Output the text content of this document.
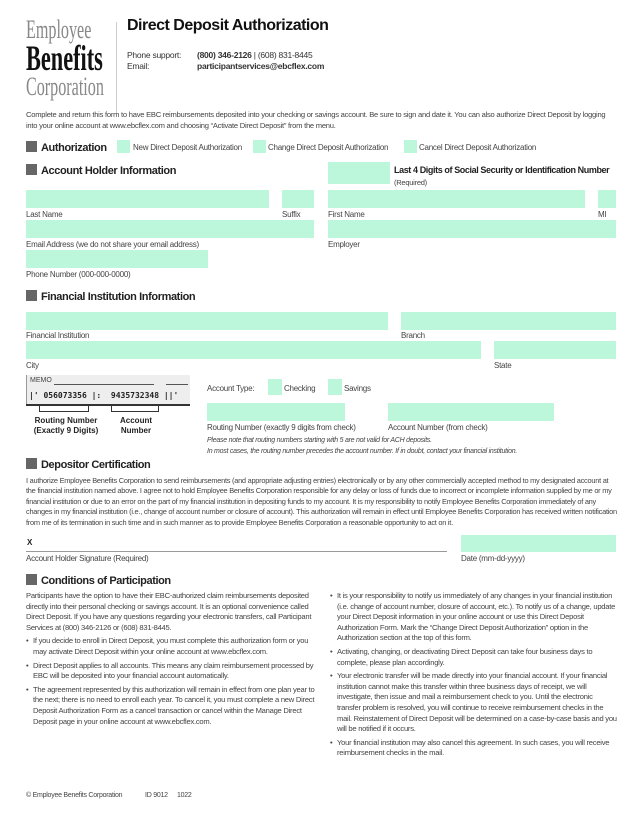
Employee
Benefits
Corporation
Direct Deposit Authorization
Phone support: (800) 346-2126 | (608) 831-8445
Email:	participantservices@ebcflex.com
Complete and return this form to have EBC reimbursements deposited into your checking or savings account. Be sure to sign and date it. You can also authorize Direct Deposit by logging into your online account at www.ebcflex.com and choosing “Activate Direct Deposit” from the menu.
Authorization	New Direct Deposit Authorization	Change Direct Deposit Authorization	Cancel Direct Deposit Authorization
Account Holder Information	Last 4 Digits of Social Security or Identification Number
(Required)
Last Name	Suffix	First Name	MI
Email Address (we do not share your email address)	Employer
Phone Number (000-000-0000)
Financial Institution Information
Financial Institution	Branch
City	State
MEMO
|' 056073356 |:  9435732348 ||'
Routing Number (Exactly 9 Digits)
Account Number
Account Type:	Checking	Savings
Routing Number (exactly 9 digits from check)	Account Number (from check)
Please note that routing numbers starting with 5 are not valid for ACH deposits.
In most cases, the routing number precedes the account number. If in doubt, contact your financial institution.
Depositor Certification
I authorize Employee Benefits Corporation to send reimbursements (and appropriate adjusting entries) electronically or by any other commercially accepted method to my designated account at the financial institution named above. I agree not to hold Employee Benefits Corporation responsible for any delay or loss of funds due to incorrect or incomplete information supplied by me or my financial institution or due to an error on the part of my financial institution in depositing funds to my account. It is my responsibility to notify Employee Benefits Corporation immediately of any changes in my financial institution (i.e., change of account number or closure of account). This authorization will remain in effect until Employee Benefits Corporation has received written notification from me of its termination in such time and in such manner as to provide Employee Benefits Corporation a reasonable opportunity to act on it.
X
Account Holder Signature (Required)	Date (mm-dd-yyyy)
Conditions of Participation
Participants have the option to have their EBC-authorized claim reimbursements deposited directly into their personal checking or savings account. It is an optional convenience called Direct Deposit. If you have any questions regarding your electronic transfers, call Participant Services at (800) 346-2126 or (608) 831-8445.
• If you decide to enroll in Direct Deposit, you must complete this authorization form or you may activate Direct Deposit within your online account at www.ebcflex.com.
• Direct Deposit applies to all accounts. This means any claim reimbursement processed by EBC will be deposited into your financial account automatically.
• The agreement represented by this authorization will remain in effect from one plan year to the next; there is no need to enroll each year. To cancel it, you must complete a new Direct Deposit Authorization Form as a cancel transaction or cancel within the Manage Direct Deposit page in your online account at www.ebcflex.com.
• It is your responsibility to notify us immediately of any changes in your financial institution (i.e. change of account number, closure of account, etc.). To notify us of a change, update your Direct Deposit information in your online account or use this Direct Deposit Authorization Form. Mark the “Change Direct Deposit Authorization” option in the Authorization section at the top of this form.
• Activating, changing, or deactivating Direct Deposit can take four business days to complete, please plan accordingly.
• Your electronic transfer will be made directly into your financial account. If your financial institution cannot make this transfer within three business days of receipt, we will investigate, then issue and mail a reimbursement check to you. Until the electronic transfer problem is resolved, you will continue to receive reimbursement checks in the mail. Reinstatement of Direct Deposit will be determined on a case-by-case basis and you will be notified if it occurs.
• Your financial institution may also cancel this agreement. In such cases, you will receive reimbursement checks in the mail.
© Employee Benefits Corporation	ID 9012 1022
